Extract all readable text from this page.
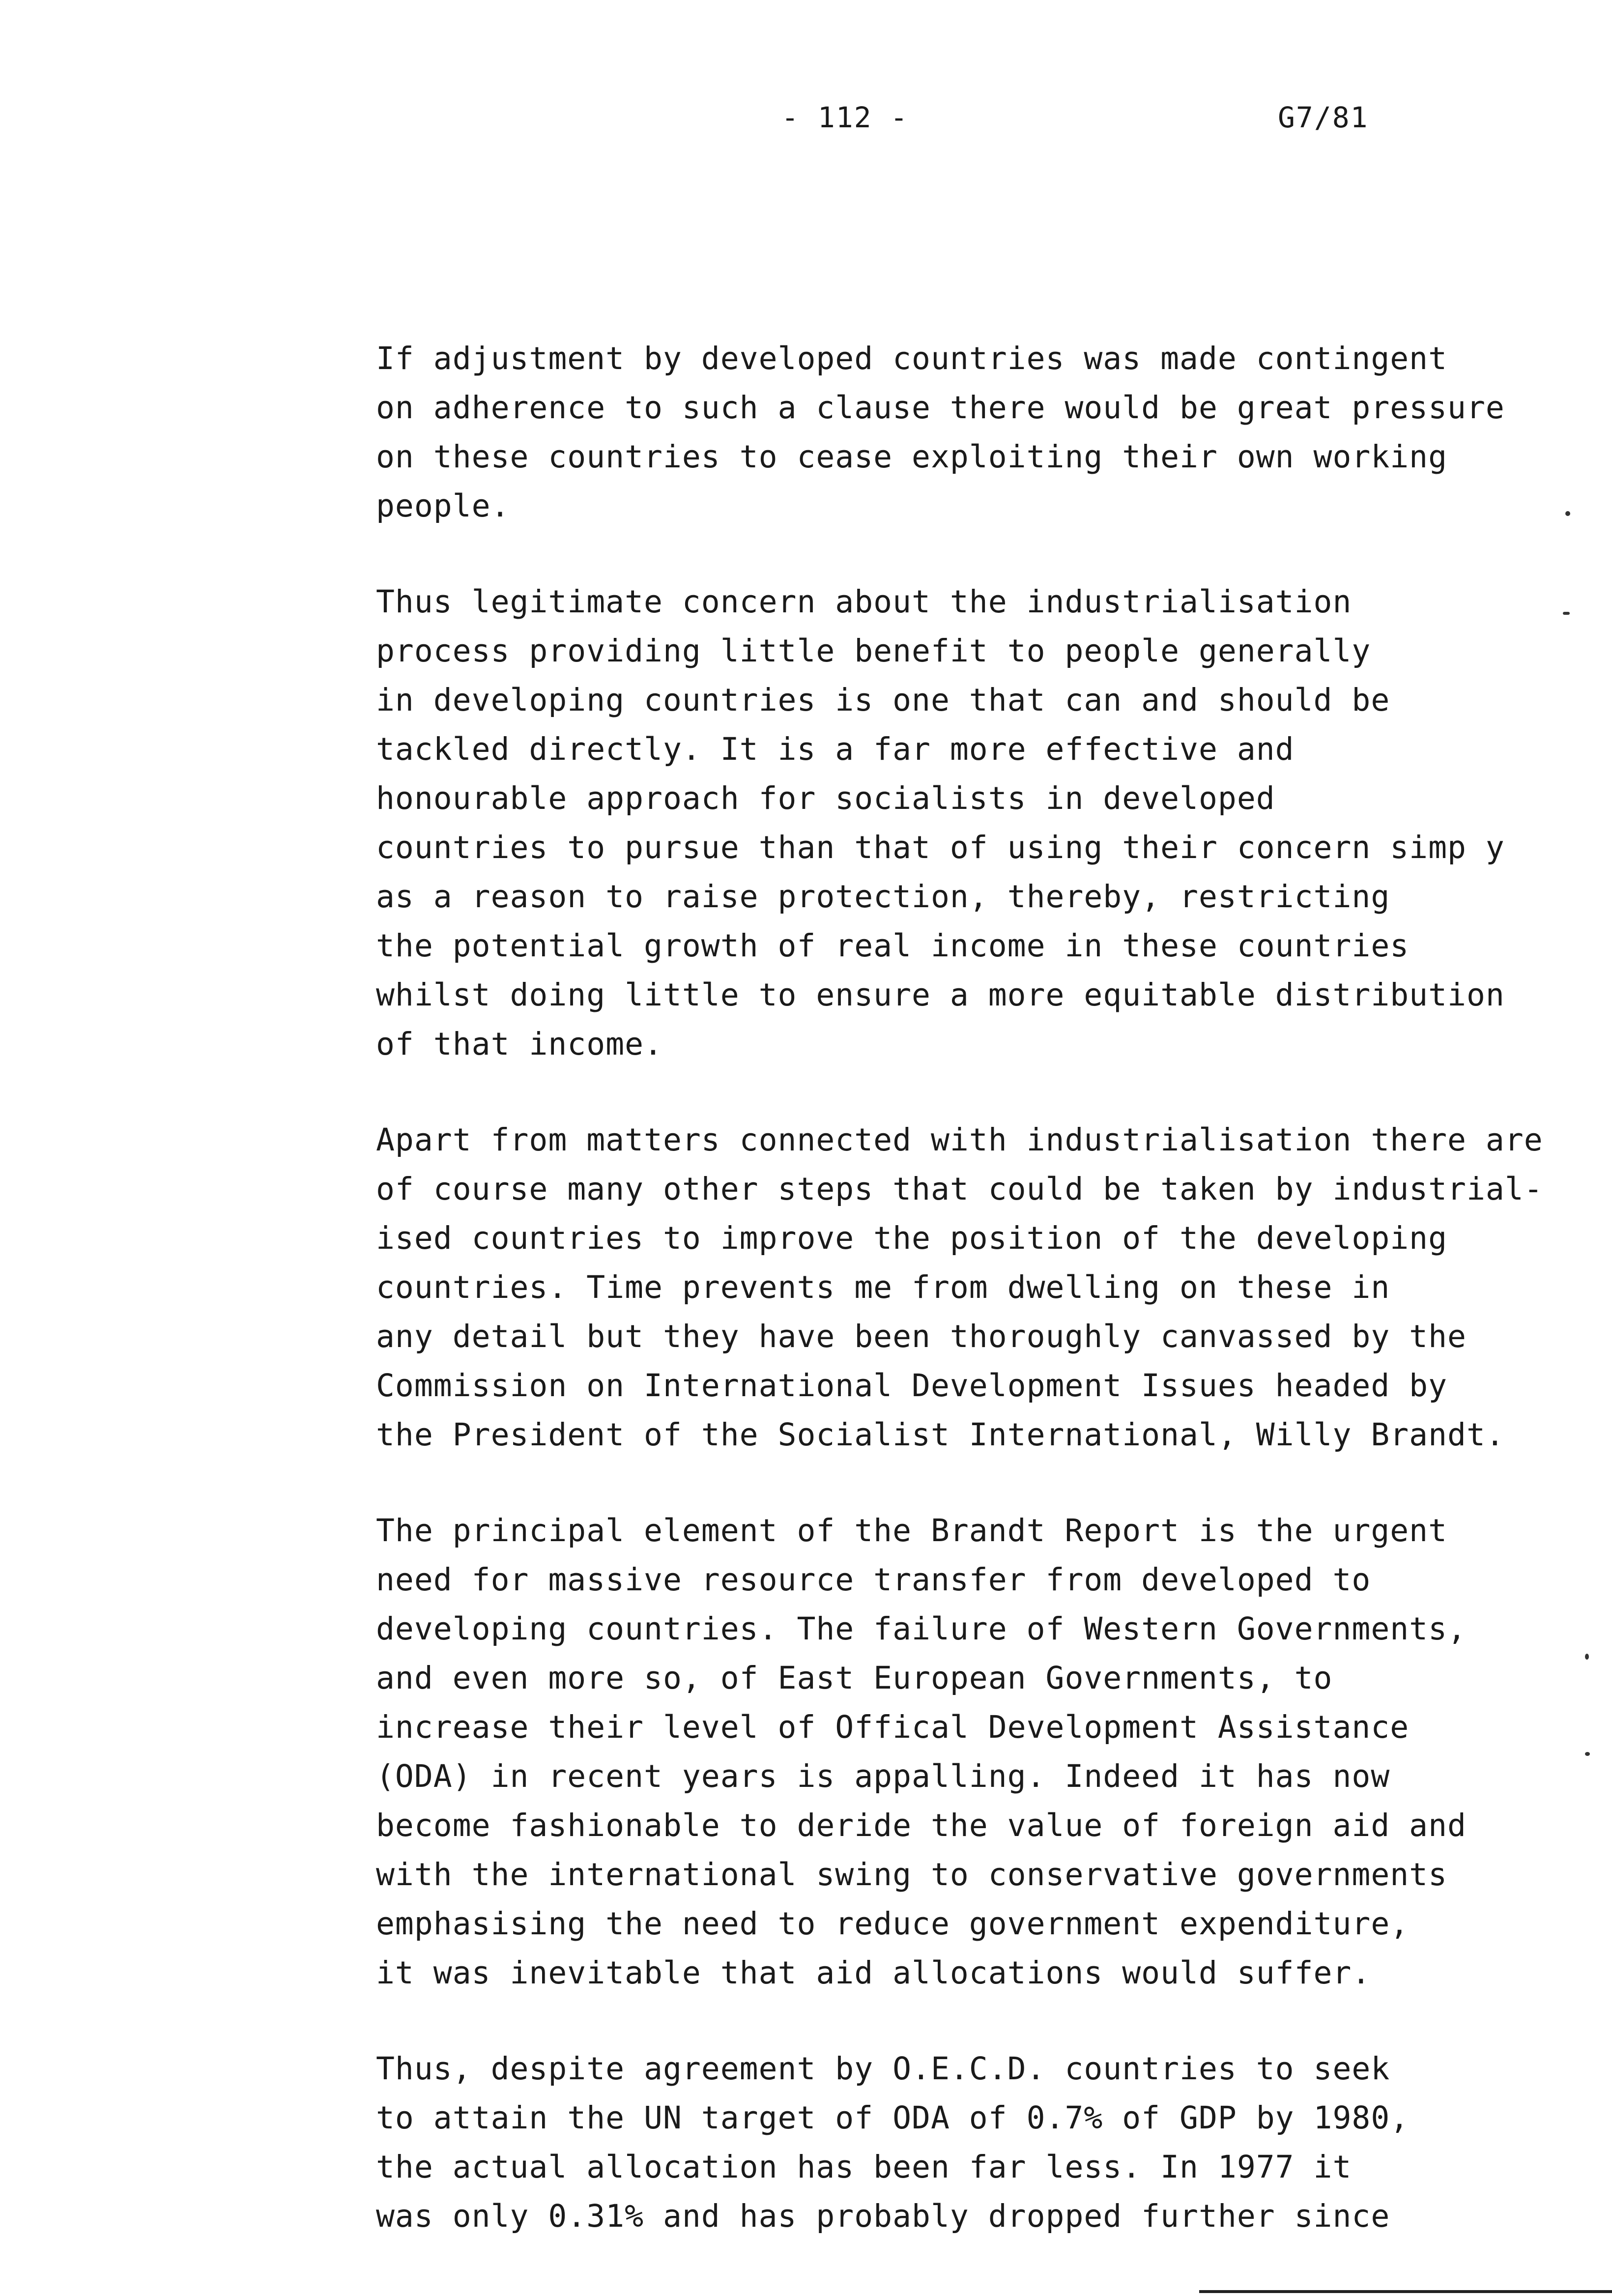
- 112 -	G7/81
If adjustment by developed countries was made contingent
on adherence to such a clause there would be great pressure
on these countries to cease exploiting their own working
people.
Thus legitimate concern about the industrialisation
process providing little benefit to people generally
in developing countries is one that can and should be
tackled directly. It is a far more effective and
honourable approach for socialists in developed
countries to pursue than that of using their concern simp y
as a reason to raise protection, thereby, restricting
the potential growth of real income in these countries
whilst doing little to ensure a more equitable distribution
of that income.
Apart from matters connected with industrialisation there are
of course many other steps that could be taken by industrial-
ised countries to improve the position of the developing
countries. Time prevents me from dwelling on these in
any detail but they have been thoroughly canvassed by the
Commission on International Development Issues headed by
the President of the Socialist International, Willy Brandt.
The principal element of the Brandt Report is the urgent
need for massive resource transfer from developed to
developing countries. The failure of Western Governments,
and even more so, of East European Governments, to
increase their level of Offical Development Assistance
(ODA) in recent years is appalling. Indeed it has now
become fashionable to deride the value of foreign aid and
with the international swing to conservative governments
emphasising the need to reduce government expenditure,
it was inevitable that aid allocations would suffer.
Thus, despite agreement by O.E.C.D. countries to seek
to attain the UN target of ODA of 0.7% of GDP by 1980,
the actual allocation has been far less. In 1977 it
was only 0.31% and has probably dropped further since
